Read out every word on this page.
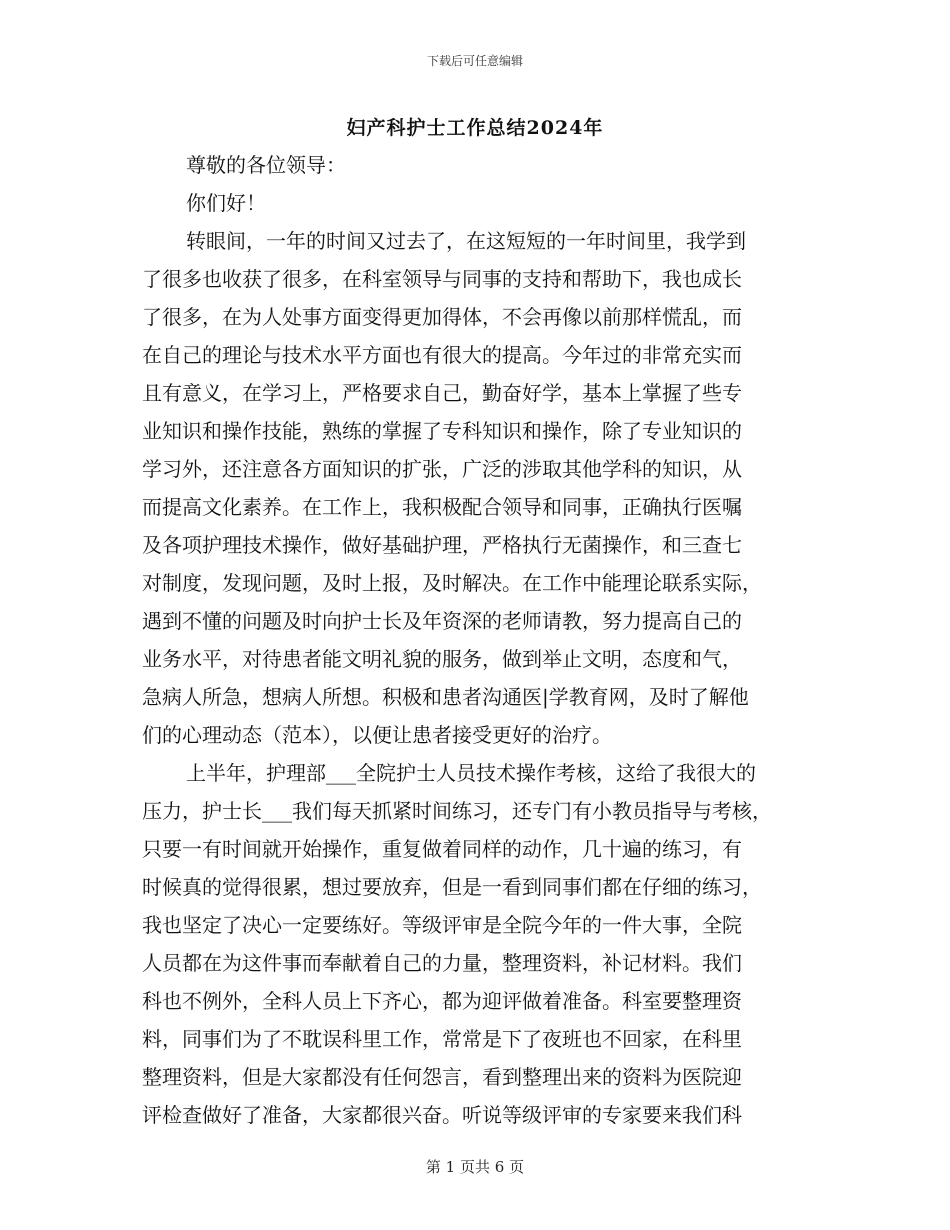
下载后可任意编辑
妇产科护士工作总结2024年
尊敬的各位领导：
你们好！
转眼间，一年的时间又过去了，在这短短的一年时间里，我学到
了很多也收获了很多，在科室领导与同事的支持和帮助下，我也成长
了很多，在为人处事方面变得更加得体，不会再像以前那样慌乱，而
在自己的理论与技术水平方面也有很大的提高。今年过的非常充实而
且有意义，在学习上，严格要求自己，勤奋好学，基本上掌握了些专
业知识和操作技能，熟练的掌握了专科知识和操作，除了专业知识的
学习外，还注意各方面知识的扩张，广泛的涉取其他学科的知识，从
而提高文化素养。在工作上，我积极配合领导和同事，正确执行医嘱
及各项护理技术操作，做好基础护理，严格执行无菌操作，和三查七
对制度，发现问题，及时上报，及时解决。在工作中能理论联系实际，
遇到不懂的问题及时向护士长及年资深的老师请教，努力提高自己的
业务水平，对待患者能文明礼貌的服务，做到举止文明，态度和气，
急病人所急，想病人所想。积极和患者沟通医|学教育网，及时了解他
们的心理动态（范本），以便让患者接受更好的治疗。
上半年，护理部___全院护士人员技术操作考核，这给了我很大的
压力，护士长___我们每天抓紧时间练习，还专门有小教员指导与考核，
只要一有时间就开始操作，重复做着同样的动作，几十遍的练习，有
时候真的觉得很累，想过要放弃，但是一看到同事们都在仔细的练习，
我也坚定了决心一定要练好。等级评审是全院今年的一件大事，全院
人员都在为这件事而奉献着自己的力量，整理资料，补记材料。我们
科也不例外，全科人员上下齐心，都为迎评做着准备。科室要整理资
料，同事们为了不耽误科里工作，常常是下了夜班也不回家，在科里
整理资料，但是大家都没有任何怨言，看到整理出来的资料为医院迎
评检查做好了准备，大家都很兴奋。听说等级评审的专家要来我们科
第 1 页共 6 页
